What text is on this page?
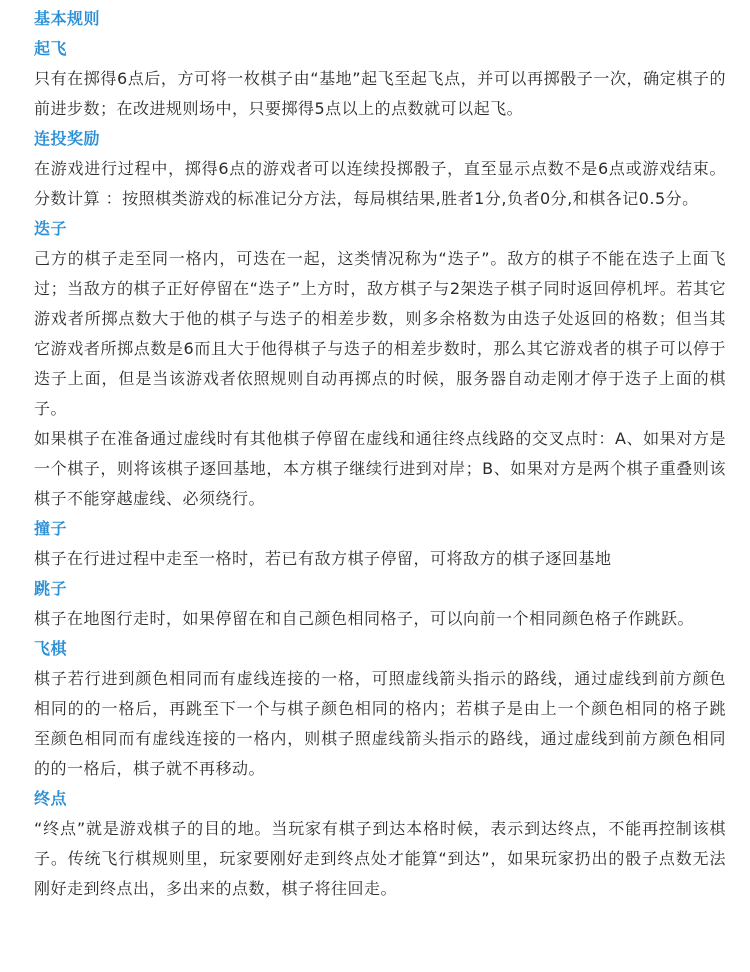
基本规则
起飞

只有在掷得6点后，方可将一枚棋子由“基地”起飞至起飞点，并可以再掷骰子一次，确定棋子的前进步数；在改进规则场中，只要掷得5点以上的点数就可以起飞。

连投奖励

在游戏进行过程中，掷得6点的游戏者可以连续投掷骰子，直至显示点数不是6点或游戏结束。分数计算 ：按照棋类游戏的标准记分方法，每局棋结果,胜者1分,负者0分,和棋各记0.5分。

迭子

己方的棋子走至同一格内，可迭在一起，这类情况称为“迭子”。敌方的棋子不能在迭子上面飞过；当敌方的棋子正好停留在“迭子”上方时，敌方棋子与2架迭子棋子同时返回停机坪。若其它游戏者所掷点数大于他的棋子与迭子的相差步数，则多余格数为由迭子处返回的格数；但当其它游戏者所掷点数是6而且大于他得棋子与迭子的相差步数时，那么其它游戏者的棋子可以停于迭子上面，但是当该游戏者依照规则自动再掷点的时候，服务器自动走刚才停于迭子上面的棋子。

如果棋子在准备通过虚线时有其他棋子停留在虚线和通往终点线路的交叉点时：A、如果对方是一个棋子，则将该棋子逐回基地，本方棋子继续行进到对岸；B、如果对方是两个棋子重叠则该棋子不能穿越虚线、必须绕行。

撞子

棋子在行进过程中走至一格时，若已有敌方棋子停留，可将敌方的棋子逐回基地

跳子

棋子在地图行走时，如果停留在和自己颜色相同格子，可以向前一个相同颜色格子作跳跃。

飞棋

棋子若行进到颜色相同而有虚线连接的一格，可照虚线箭头指示的路线，通过虚线到前方颜色相同的的一格后，再跳至下一个与棋子颜色相同的格内；若棋子是由上一个颜色相同的格子跳至颜色相同而有虚线连接的一格内，则棋子照虚线箭头指示的路线，通过虚线到前方颜色相同的的一格后，棋子就不再移动。

终点

“终点”就是游戏棋子的目的地。当玩家有棋子到达本格时候，表示到达终点，不能再控制该棋子。传统飞行棋规则里，玩家要刚好走到终点处才能算“到达”，如果玩家扔出的骰子点数无法刚好走到终点出，多出来的点数，棋子将往回走。
